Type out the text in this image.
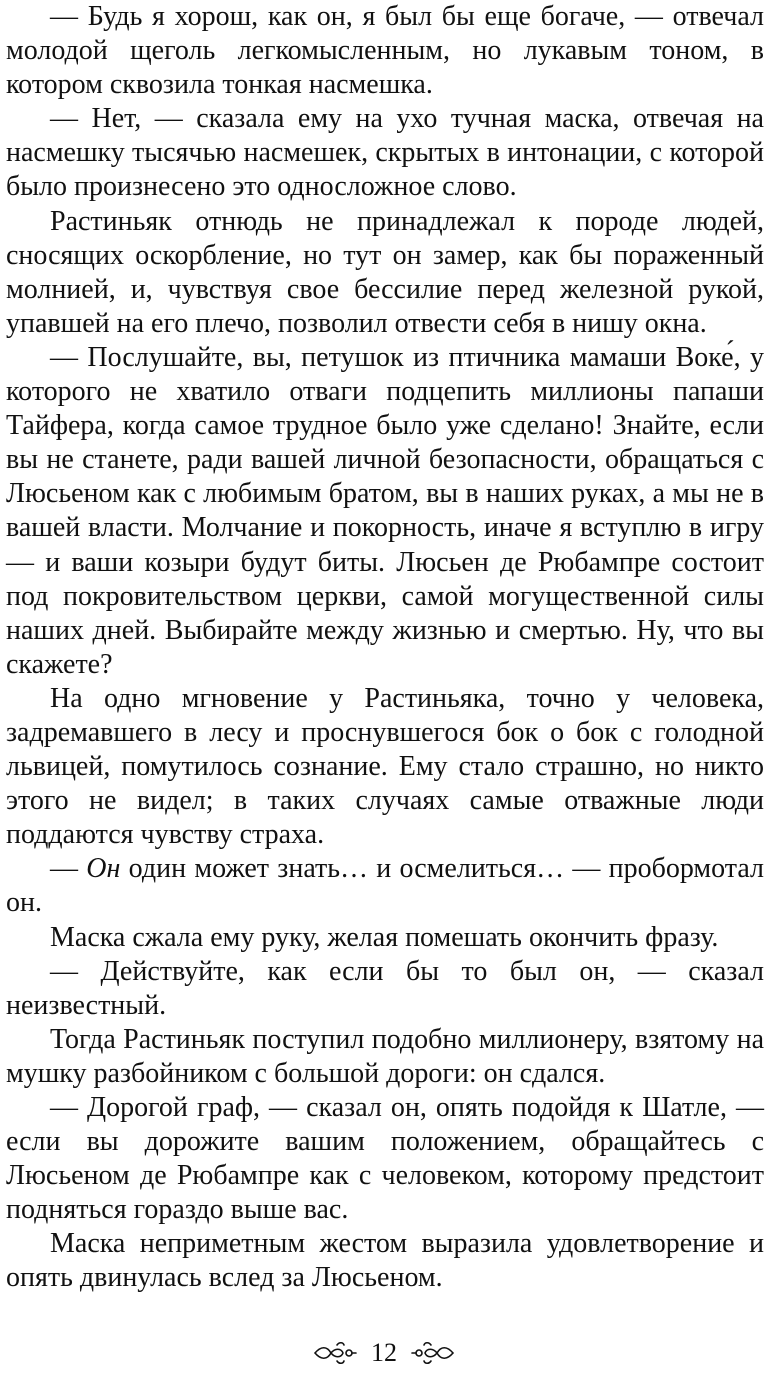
— Будь я хорош, как он, я был бы еще богаче, — отвечал молодой щеголь легкомысленным, но лукавым тоном, в котором сквозила тонкая насмешка.

— Нет, — сказала ему на ухо тучная маска, отвечая на насмешку тысячью насмешек, скрытых в интонации, с которой было произнесено это односложное слово.

Растиньяк отнюдь не принадлежал к породе людей, сносящих оскорбление, но тут он замер, как бы пораженный молнией, и, чувствуя свое бессилие перед железной рукой, упавшей на его плечо, позволил отвести себя в нишу окна.

— Послушайте, вы, петушок из птичника мамаши Воке́, у которого не хватило отваги подцепить миллионы папаши Тайфера, когда самое трудное было уже сделано! Знайте, если вы не станете, ради вашей личной безопасности, обращаться с Люсьеном как с любимым братом, вы в наших руках, а мы не в вашей власти. Молчание и покорность, иначе я вступлю в игру — и ваши козыри будут биты. Люсьен де Рюбампре состоит под покровительством церкви, самой могущественной силы наших дней. Выбирайте между жизнью и смертью. Ну, что вы скажете?

На одно мгновение у Растиньяка, точно у человека, задремавшего в лесу и проснувшегося бок о бок с голодной львицей, помутилось сознание. Ему стало страшно, но никто этого не видел; в таких случаях самые отважные люди поддаются чувству страха.

— Он один может знать… и осмелиться… — пробормотал он.

Маска сжала ему руку, желая помешать окончить фразу.

— Действуйте, как если бы то был он, — сказал неизвестный.

Тогда Растиньяк поступил подобно миллионеру, взятому на мушку разбойником с большой дороги: он сдался.

— Дорогой граф, — сказал он, опять подойдя к Шатле, — если вы дорожите вашим положением, обращайтесь с Люсьеном де Рюбампре как с человеком, которому предстоит подняться гораздо выше вас.

Маска неприметным жестом выразила удовлетворение и опять двинулась вслед за Люсьеном.

12
